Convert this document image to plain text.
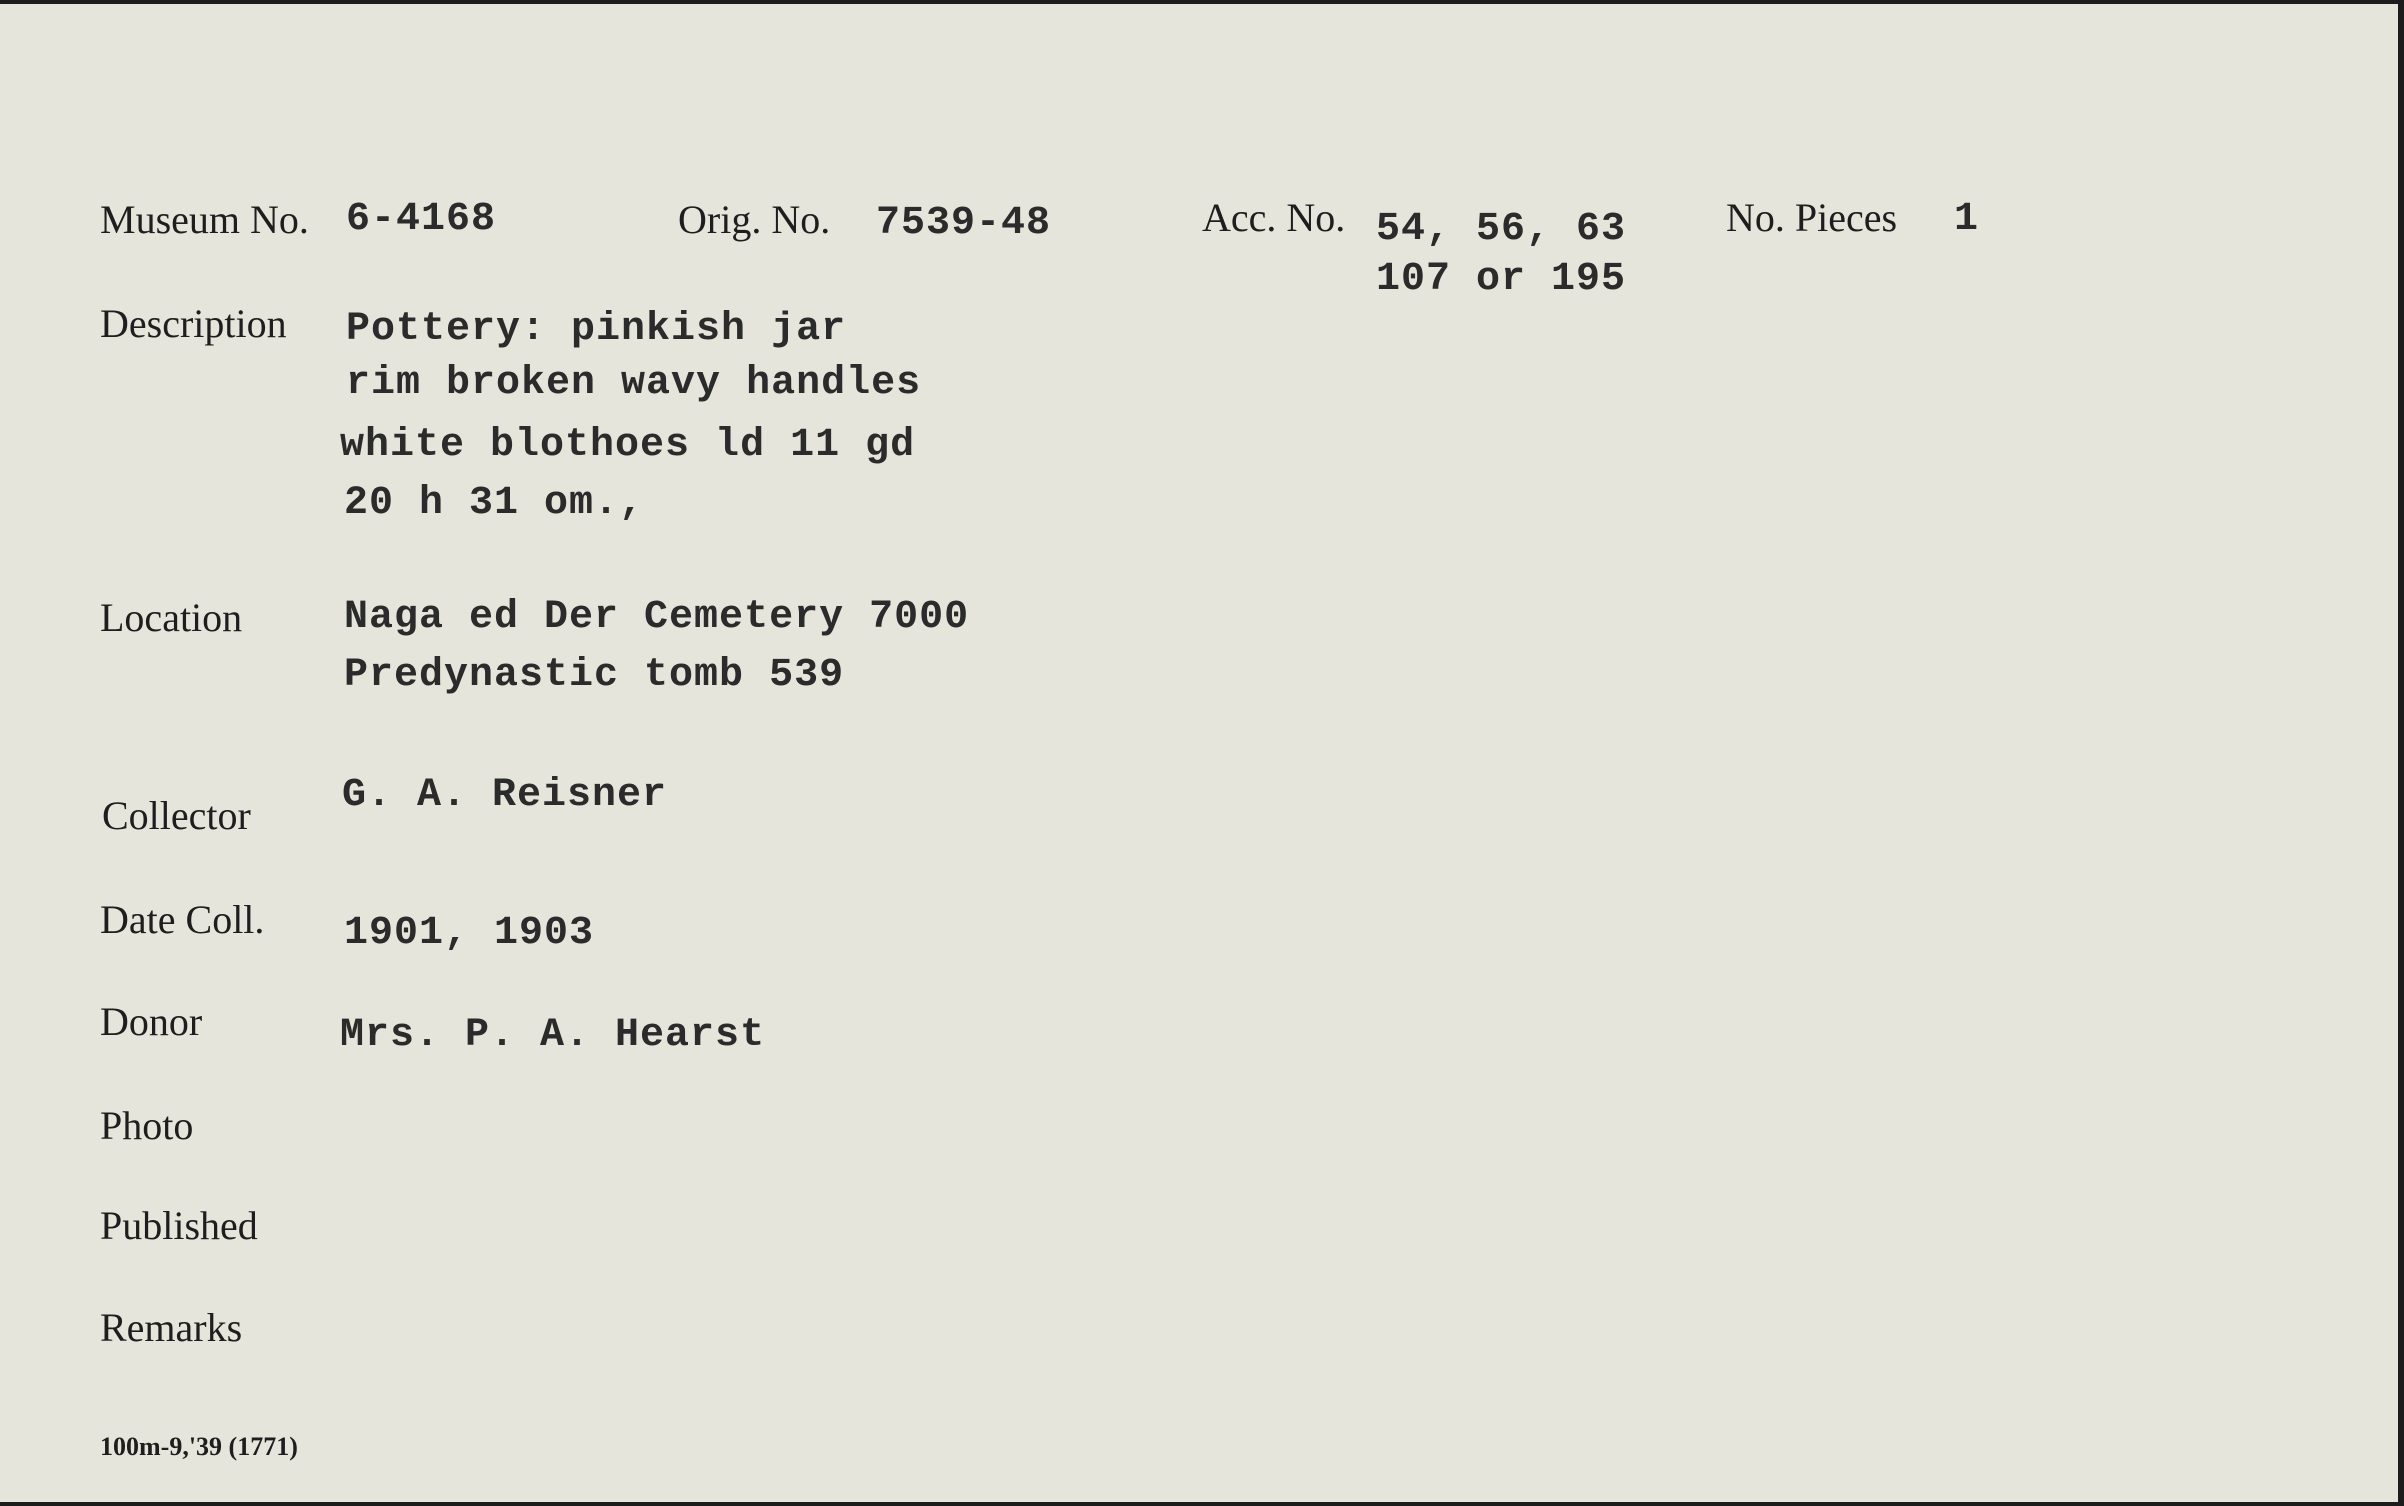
Museum No. 6-4168	Orig. No. 7539-48	Acc. No. 54, 56, 63
107 or 195
No. Pieces 1
Description Pottery: pinkish jar
rim broken wavy handles
white blothoes ld 11 gd
20 h 31 om.,
Location	Naga ed Der Cemetery 7000
Predynastic tomb 539
Collector G. A. Reisner
Date Coll. 1901, 1903
Donor	Mrs. P. A. Hearst
Photo
Published
Remarks
100m-9,'39 (1771)
